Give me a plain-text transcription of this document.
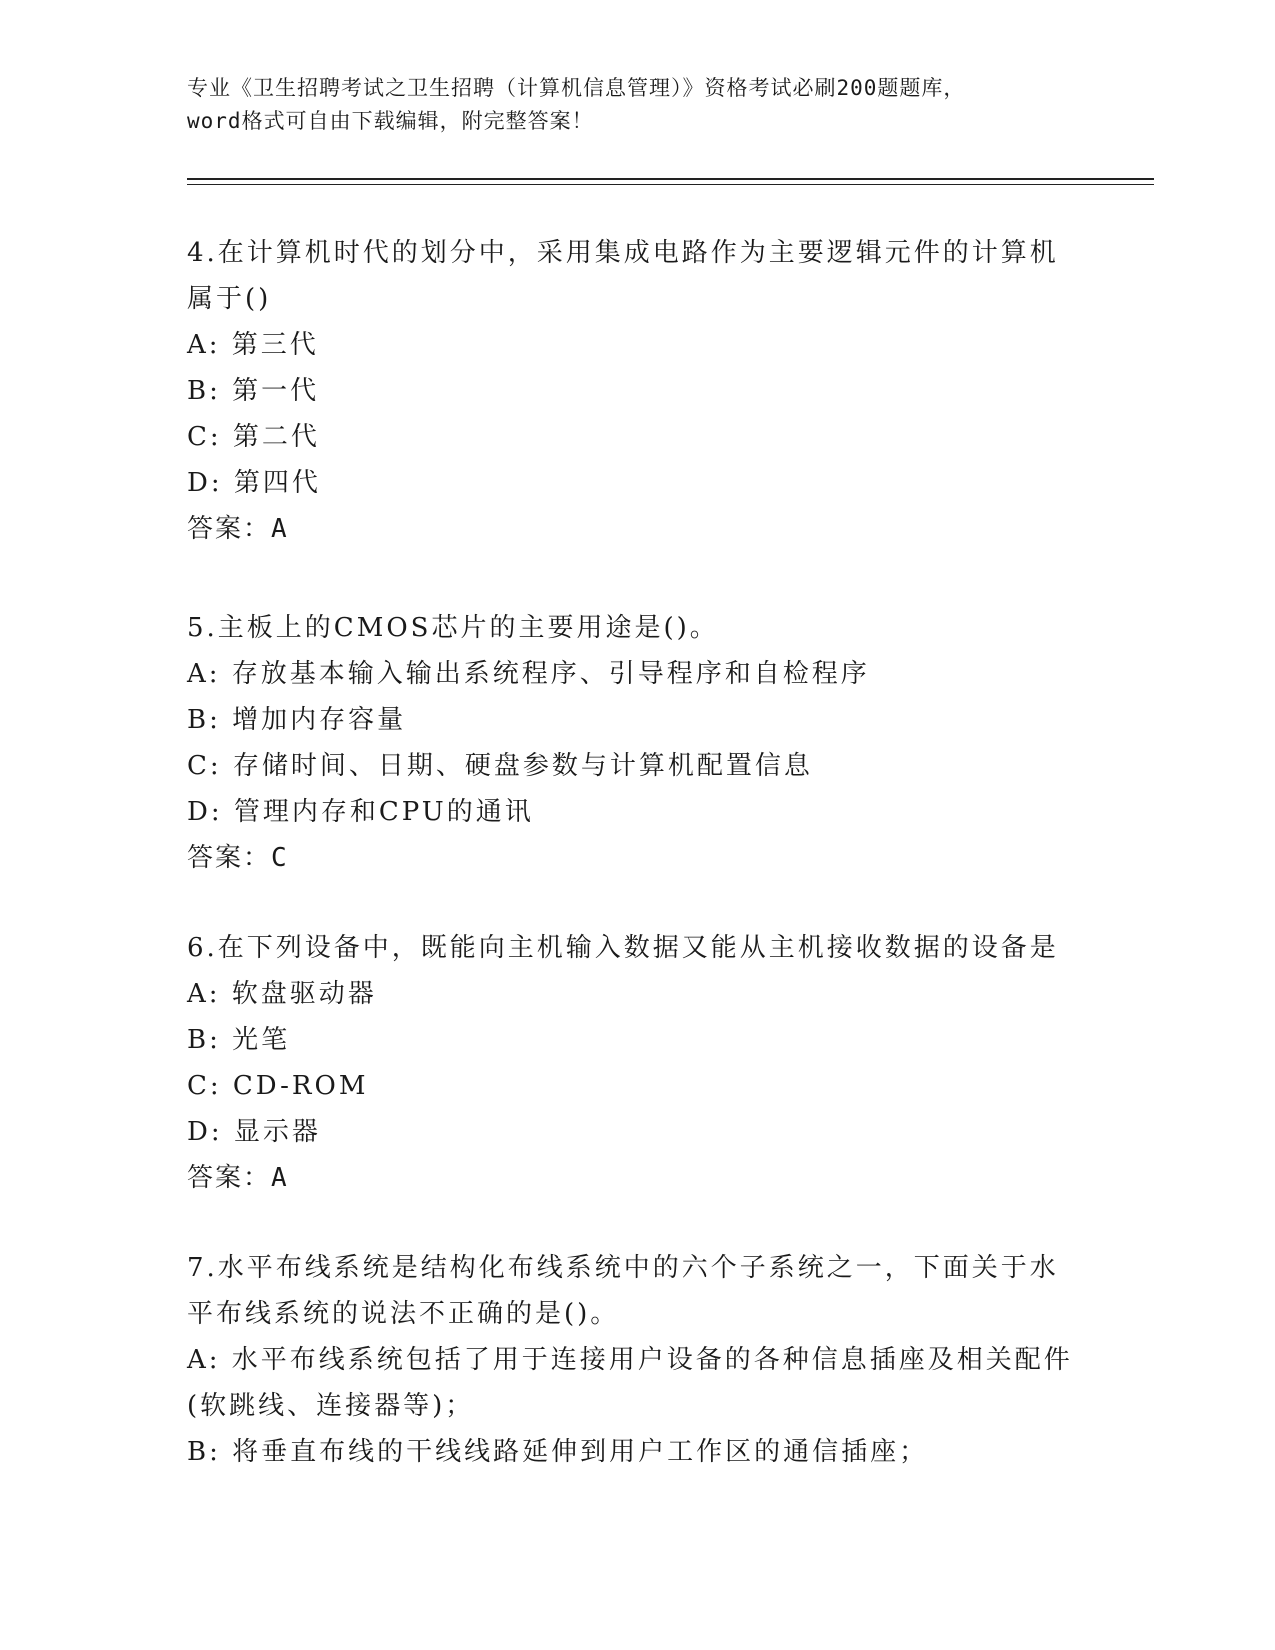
专业《卫生招聘考试之卫生招聘（计算机信息管理）》资格考试必刷200题题库，
word格式可自由下载编辑，附完整答案！
4.在计算机时代的划分中，采用集成电路作为主要逻辑元件的计算机
属于()
A: 第三代
B: 第一代
C: 第二代
D: 第四代
答案：A
5.主板上的CMOS芯片的主要用途是()。
A: 存放基本输入输出系统程序、引导程序和自检程序
B: 增加内存容量
C: 存储时间、日期、硬盘参数与计算机配置信息
D: 管理内存和CPU的通讯
答案：C
6.在下列设备中，既能向主机输入数据又能从主机接收数据的设备是
A: 软盘驱动器
B: 光笔
C: CD-ROM
D: 显示器
答案：A
7.水平布线系统是结构化布线系统中的六个子系统之一，下面关于水
平布线系统的说法不正确的是()。
A: 水平布线系统包括了用于连接用户设备的各种信息插座及相关配件
(软跳线、连接器等)；
B: 将垂直布线的干线线路延伸到用户工作区的通信插座；
